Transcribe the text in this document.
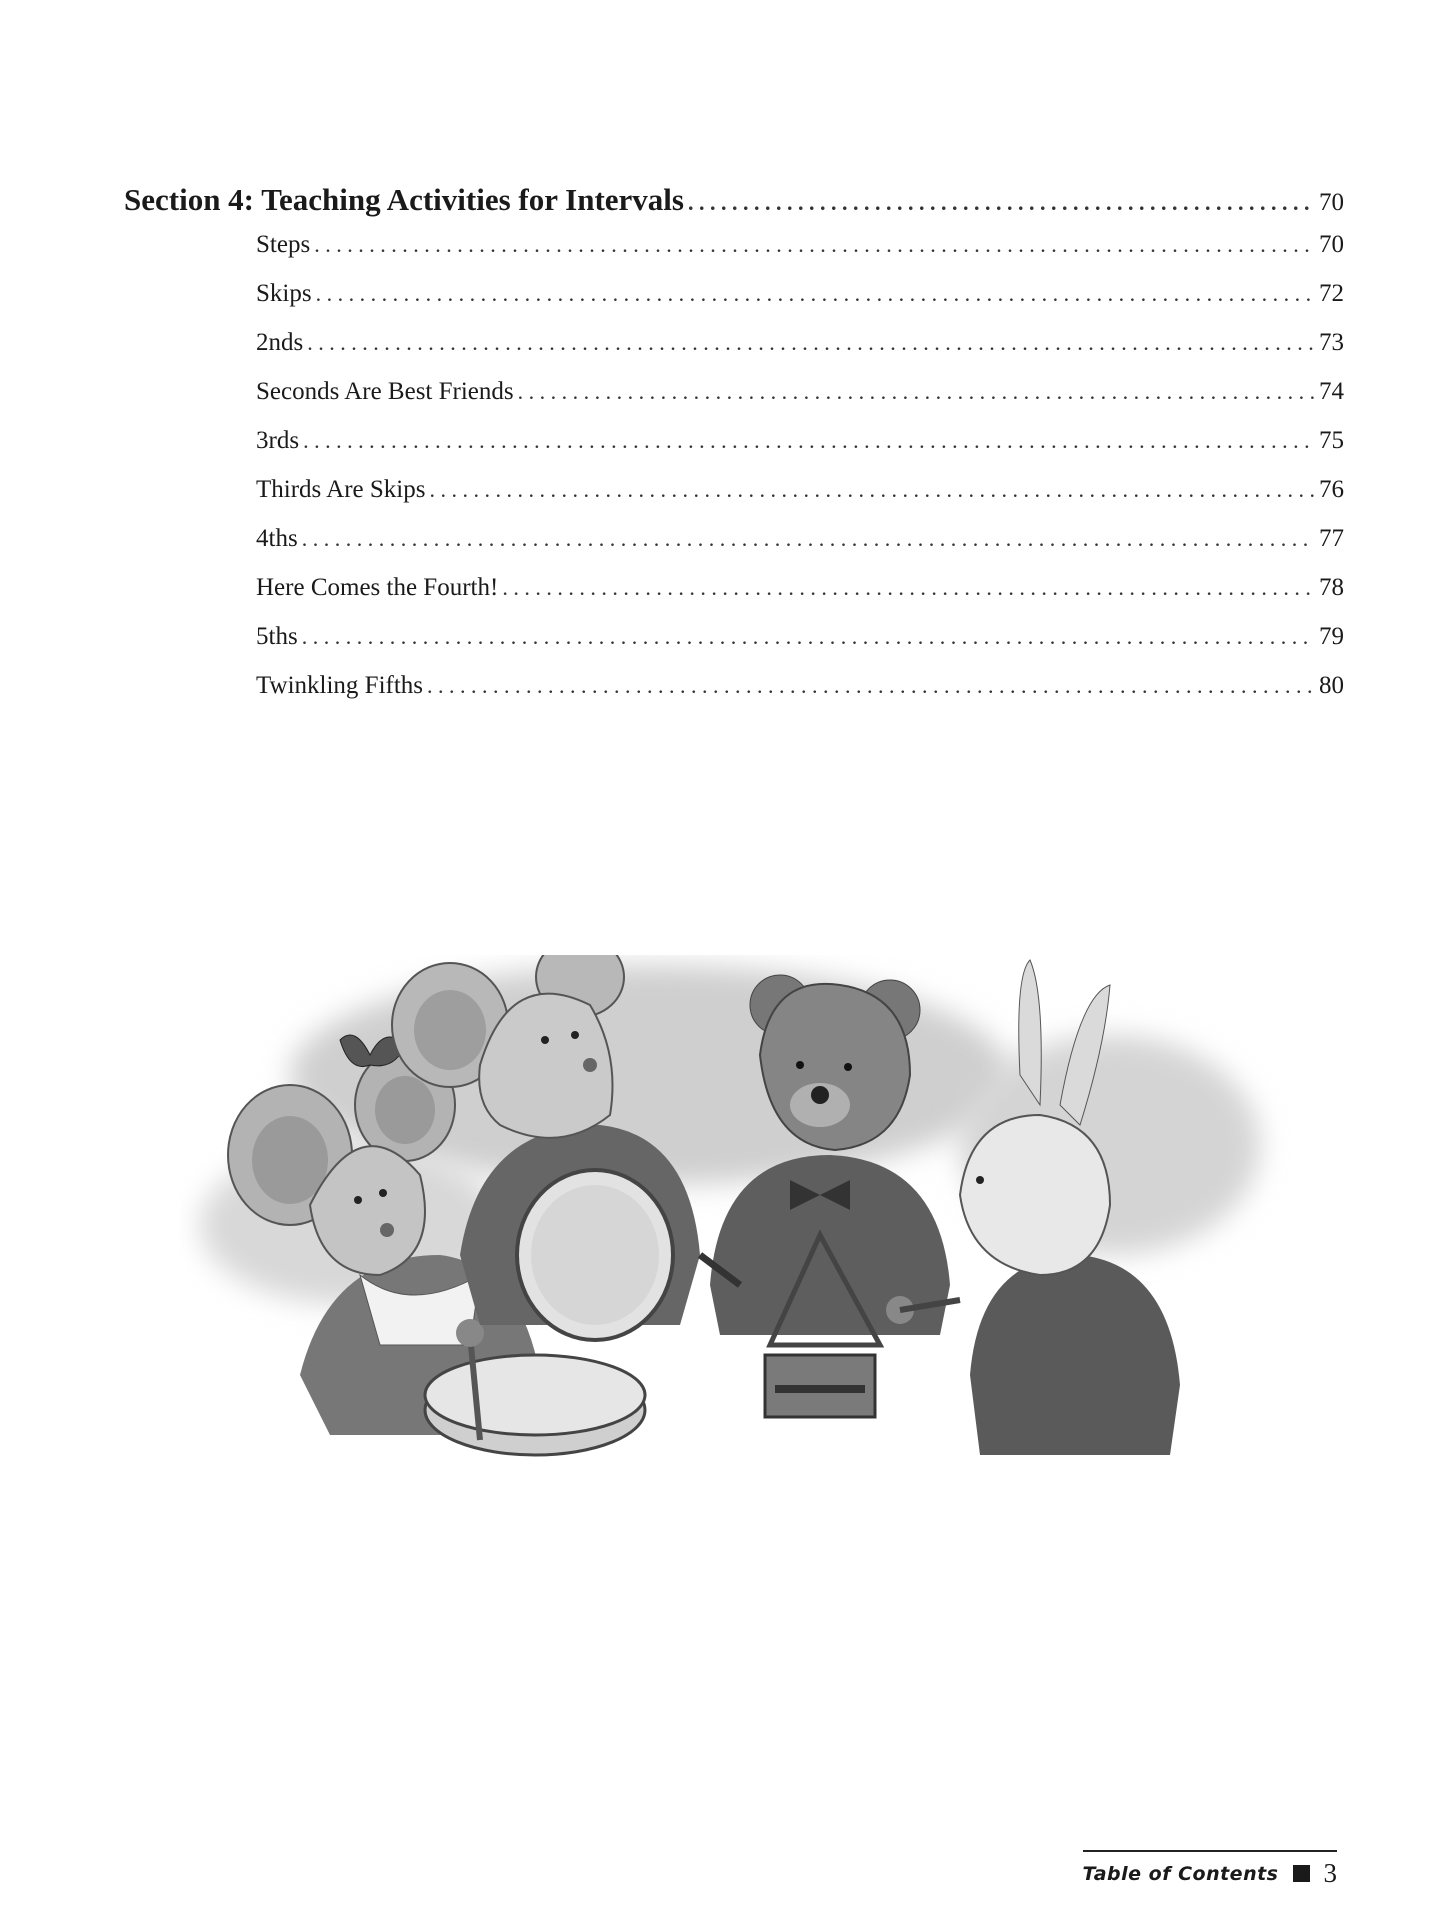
Section 4: Teaching Activities for Intervals . . .	70
Steps . . .	70
Skips . . .	72
2nds . . .	73
Seconds Are Best Friends . . .	74
3rds . . .	75
Thirds Are Skips . . .	76
4ths . . .	77
Here Comes the Fourth! . . .	78
5ths . . .	79
Twinkling Fifths . . .	80
Table of Contents 3
